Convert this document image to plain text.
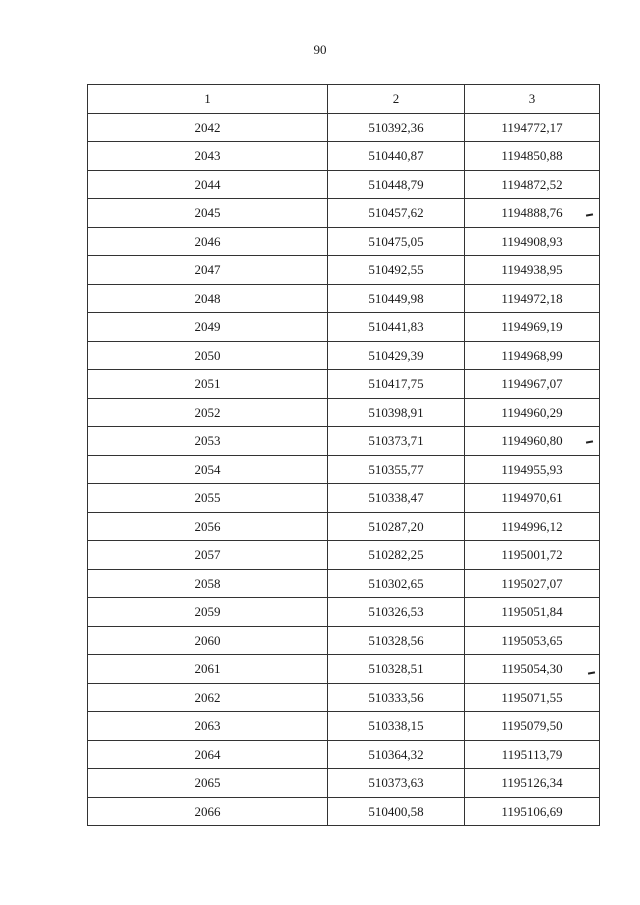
90
1	2	3
2042	510392,36	1194772,17
2043	510440,87	1194850,88
2044	510448,79	1194872,52
2045	510457,62	1194888,76
2046	510475,05	1194908,93
2047	510492,55	1194938,95
2048	510449,98	1194972,18
2049	510441,83	1194969,19
2050	510429,39	1194968,99
2051	510417,75	1194967,07
2052	510398,91	1194960,29
2053	510373,71	1194960,80
2054	510355,77	1194955,93
2055	510338,47	1194970,61
2056	510287,20	1194996,12
2057	510282,25	1195001,72
2058	510302,65	1195027,07
2059	510326,53	1195051,84
2060	510328,56	1195053,65
2061	510328,51	1195054,30
2062	510333,56	1195071,55
2063	510338,15	1195079,50
2064	510364,32	1195113,79
2065	510373,63	1195126,34
2066	510400,58	1195106,69
